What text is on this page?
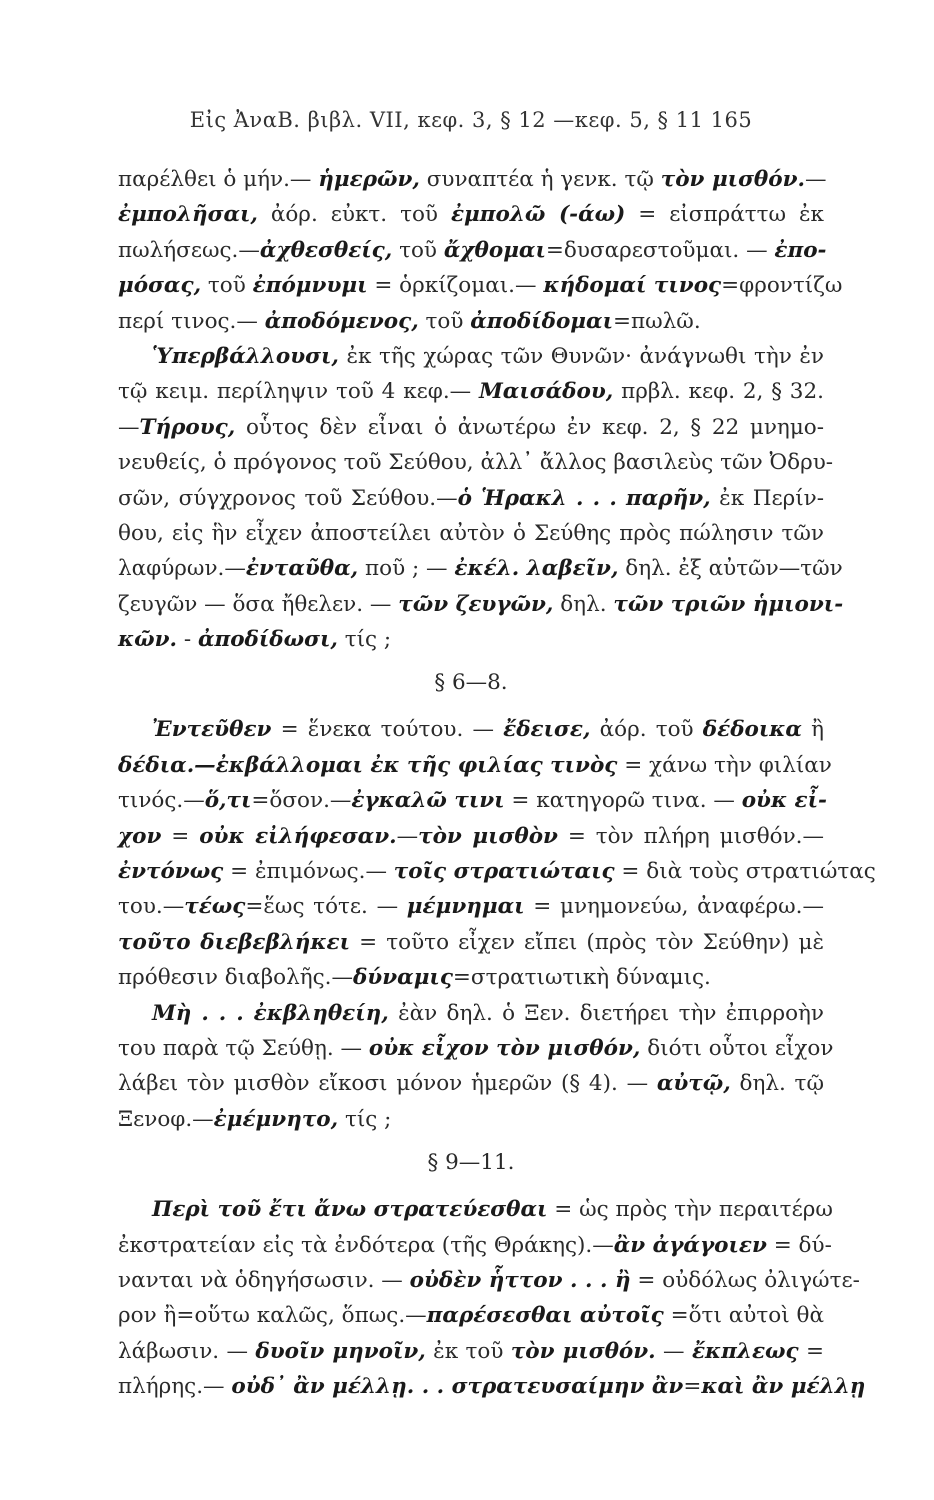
Εἰς ἈναΒ. βιβλ. VII, κεφ. 3, § 12 —κεφ. 5, § 11 165
παρέλθει ὁ μήν.— ἡμερῶν, συναπτέα ἡ γενκ. τῷ τὸν μισθόν.—
ἐμπολῆσαι, ἀόρ. εὐκτ. τοῦ ἐμπολῶ (-άω) = εἰσπράττω ἐκ
πωλήσεως.—ἀχθεσθείς, τοῦ ἄχθομαι=δυσαρεστοῦμαι. — ἐπο-
μόσας, τοῦ ἐπόμνυμι = ὁρκίζομαι.— κήδομαί τινος=φροντίζω
περί τινος.— ἀποδόμενος, τοῦ ἀποδίδομαι=πωλῶ.
Ὑπερβάλλουσι, ἐκ τῆς χώρας τῶν Θυνῶν· ἀνάγνωθι τὴν ἐν
τῷ κειμ. περίληψιν τοῦ 4 κεφ.— Μαισάδου, πρβλ. κεφ. 2, § 32.
—Τήρους, οὗτος δὲν εἶναι ὁ ἀνωτέρω ἐν κεφ. 2, § 22 μνημο-
νευθείς, ὁ πρόγονος τοῦ Σεύθου, ἀλλ᾽ ἄλλος βασιλεὺς τῶν Ὀδρυ-
σῶν, σύγχρονος τοῦ Σεύθου.—ὁ Ἡρακλ . . . παρῆν, ἐκ Περίν-
θου, εἰς ἣν εἶχεν ἀποστείλει αὐτὸν ὁ Σεύθης πρὸς πώλησιν τῶν
λαφύρων.—ἐνταῦθα, ποῦ ; — ἐκέλ. λαβεῖν, δηλ. ἐξ αὐτῶν—τῶν
ζευγῶν — ὅσα ἤθελεν. — τῶν ζευγῶν, δηλ. τῶν τριῶν ἡμιονι-
κῶν. - ἀποδίδωσι, τίς ;
§ 6—8.
Ἐντεῦθεν = ἕνεκα τούτου. — ἔδεισε, ἀόρ. τοῦ δέδοικα ἢ
δέδια.—ἐκβάλλομαι ἐκ τῆς φιλίας τινὸς = χάνω τὴν φιλίαν
τινός.—ὅ,τι=ὅσον.—ἐγκαλῶ τινι = κατηγορῶ τινα. — οὐκ εἶ-
χον = οὐκ εἰλήφεσαν.—τὸν μισθὸν = τὸν πλήρη μισθόν.—
ἐντόνως = ἐπιμόνως.— τοῖς στρατιώταις = διὰ τοὺς στρατιώτας
του.—τέως=ἕως τότε. — μέμνημαι = μνημονεύω, ἀναφέρω.—
τοῦτο διεβεβλήκει = τοῦτο εἶχεν εἴπει (πρὸς τὸν Σεύθην) μὲ
πρόθεσιν διαβολῆς.—δύναμις=στρατιωτικὴ δύναμις.
Μὴ . . . ἐκβληθείη, ἐὰν δηλ. ὁ Ξεν. διετήρει τὴν ἐπιρροὴν
του παρὰ τῷ Σεύθῃ. — οὐκ εἶχον τὸν μισθόν, διότι οὗτοι εἶχον
λάβει τὸν μισθὸν εἴκοσι μόνον ἡμερῶν (§ 4). — αὐτῷ, δηλ. τῷ
Ξενοφ.—ἐμέμνητο, τίς ;
§ 9—11.
Περὶ τοῦ ἔτι ἄνω στρατεύεσθαι = ὡς πρὸς τὴν περαιτέρω
ἐκστρατείαν εἰς τὰ ἐνδότερα (τῆς Θράκης).—ἂν ἀγάγοιεν = δύ-
νανται νὰ ὁδηγήσωσιν. — οὐδὲν ἧττον . . . ἢ = οὐδόλως ὀλιγώτε-
ρον ἢ=οὕτω καλῶς, ὅπως.—παρέσεσθαι αὐτοῖς =ὅτι αὐτοὶ θὰ
λάβωσιν. — δυοῖν μηνοῖν, ἐκ τοῦ τὸν μισθόν. — ἔκπλεως =
πλήρης.— οὐδ᾽ ἂν μέλλῃ. . . στρατευσαίμην ἂν=καὶ ἂν μέλλῃ
